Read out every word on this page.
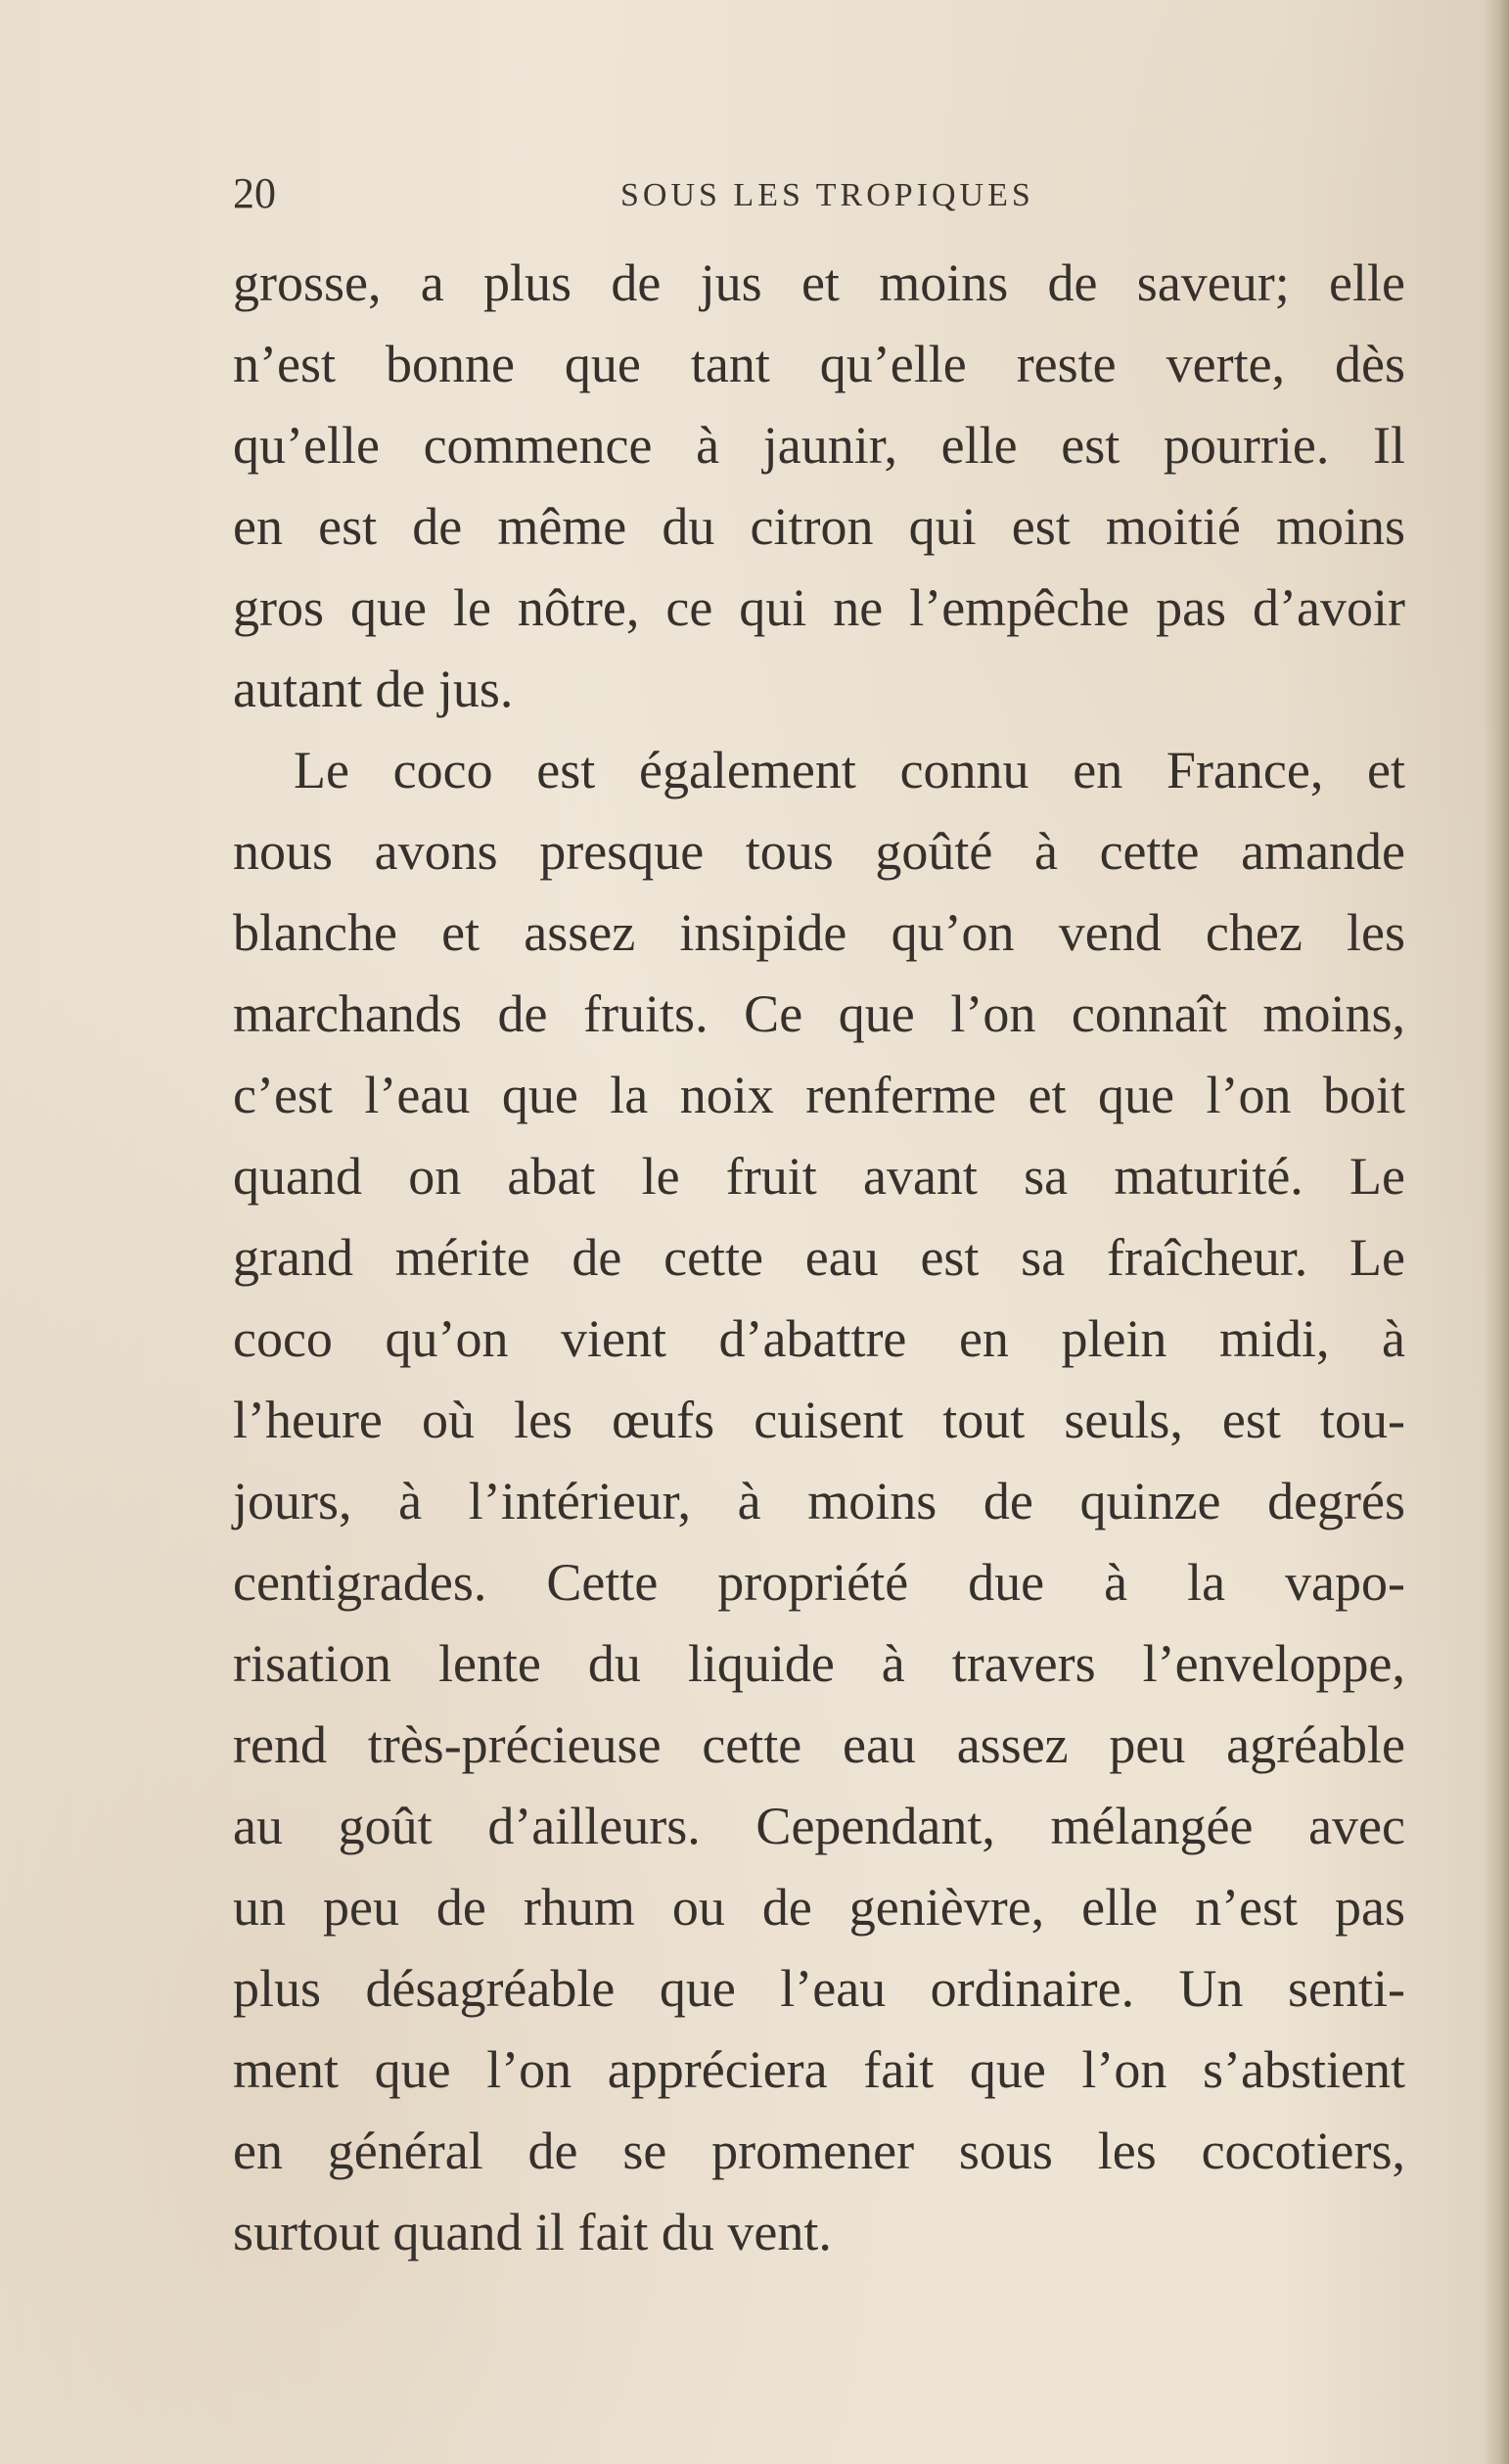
20	SOUS LES TROPIQUES

grosse, a plus de jus et moins de saveur; elle
n’est bonne que tant qu’elle reste verte, dès
qu’elle commence à jaunir, elle est pourrie. Il
en est de même du citron qui est moitié moins
gros que le nôtre, ce qui ne l’empêche pas d’avoir
autant de jus.

Le coco est également connu en France, et
nous avons presque tous goûté à cette amande
blanche et assez insipide qu’on vend chez les
marchands de fruits. Ce que l’on connaît moins,
c’est l’eau que la noix renferme et que l’on boit
quand on abat le fruit avant sa maturité. Le
grand mérite de cette eau est sa fraîcheur. Le
coco qu’on vient d’abattre en plein midi, à
l’heure où les œufs cuisent tout seuls, est tou-
jours, à l’intérieur, à moins de quinze degrés
centigrades. Cette propriété due à la vapo-
risation lente du liquide à travers l’enveloppe,
rend très-précieuse cette eau assez peu agréable
au goût d’ailleurs. Cependant, mélangée avec
un peu de rhum ou de genièvre, elle n’est pas
plus désagréable que l’eau ordinaire. Un senti-
ment que l’on appréciera fait que l’on s’abstient
en général de se promener sous les cocotiers,
surtout quand il fait du vent.
